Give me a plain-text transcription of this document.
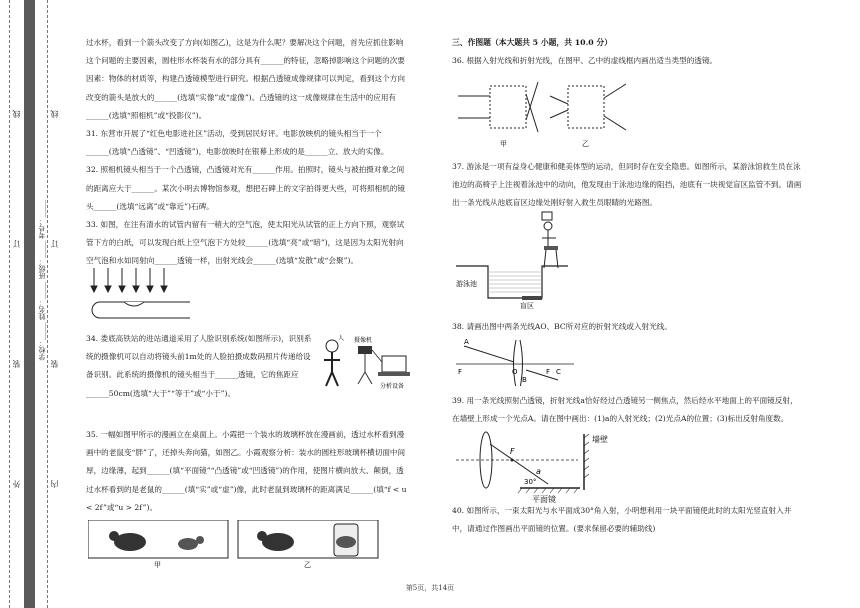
线
订
装
外
学校：_____ 姓名：_____ 班级：_____ 考号：_____
线
订
装
内

过水杯，看到一个箭头改变了方向(如图乙)，这是为什么呢？要解决这个问题，首先应抓住影响这个问题的主要因素，圆柱形水杯装有水的部分具有______的特征，忽略掉影响这个问题的次要因素：物体的材质等，构建凸透镜模型进行研究。根据凸透镜成像规律可以判定，看到这个方向改变的箭头是放大的______(选填“实像”或“虚像”)。凸透镜的这一成像规律在生活中的应用有______(选填“照相机”或“投影仪”)。

31. 东营市开展了“红色电影进社区”活动，受到居民好评。电影放映机的镜头相当于一个______(选填“凸透镜”、“凹透镜”)，电影放映时在银幕上形成的是______立、放大的实像。

32. 照相机镜头相当于一个凸透镜，凸透镜对光有______作用。拍照时，镜头与被拍摄对象之间的距离应大于______。某次小明去博物馆参观，想把石碑上的文字拍得更大些，可将照相机的镜头______(选填“远离”或“靠近”)石碑。

33. 如图，在注有清水的试管内留有一稍大的空气泡，使太阳光从试管的正上方向下照，观察试管下方的白纸，可以发现白纸上空气泡下方处较______(选填“亮”或“暗”)，这是因为太阳光射向空气泡和水如同射向______透镜一样，出射光线会______(选填“发散”或“会聚”)。

34. 娄底高铁站的进站通道采用了人脸识别系统(如图所示)，识别系统的摄像机可以自动将镜头前1m处的人脸拍摄成数码照片传递给设备识别。此系统的摄像机的镜头相当于______透镜，它的焦距应______50cm(选填“大于”“等于”或“小于”)。

人 摄像机
分析设备

35. 一幅如图甲所示的漫画立在桌面上。小霞把一个装水的玻璃杯放在漫画前，透过水杯看到漫画中的老鼠变“胖”了，还掉头奔向猫，如图乙。小霞观察分析：装水的圆柱形玻璃杯横切面中间厚，边缘薄，起到______(填“平面镜”“凸透镜”或“凹透镜”)的作用，使图片横向放大、颠倒，透过水杯看到的是老鼠的______(填“实”或“虚”)像，此时老鼠到玻璃杯的距离满足______(填“f < u < 2f”或“u > 2f”)。

甲	乙

三、作图题（本大题共 5 小题，共 10.0 分）

36. 根据入射光线和折射光线，在图甲、乙中的虚线框内画出适当类型的透镜。

甲	乙

37. 游泳是一项有益身心健康和健美体型的运动，但同时存在安全隐患。如图所示，某游泳馆救生员在泳池边的高椅子上注视着泳池中的动向，他发现由于泳池边缘的阻挡，池底有一块视觉盲区监管不到。请画出一条光线从池底盲区边缘处刚好射入救生员眼睛的光路图。

游泳池
盲区

38. 请画出图中两条光线AO、BC所对应的折射光线或入射光线。

A
F	O
B
C
F

39. 用一条光线照射凸透镜，折射光线a恰好经过凸透镜另一侧焦点，然后经水平地面上的平面镜反射，在墙壁上形成一个光点A。请在图中画出：(1)a的入射光线；(2)光点A的位置；(3)标出反射角度数。

F
a
30°
平面镜
墙壁

40. 如图所示，一束太阳光与水平面成30°角入射，小明想利用一块平面镜使此时的太阳光竖直射入井中，请通过作图画出平面镜的位置。(要求保留必要的辅助线)

第5页，共14页
